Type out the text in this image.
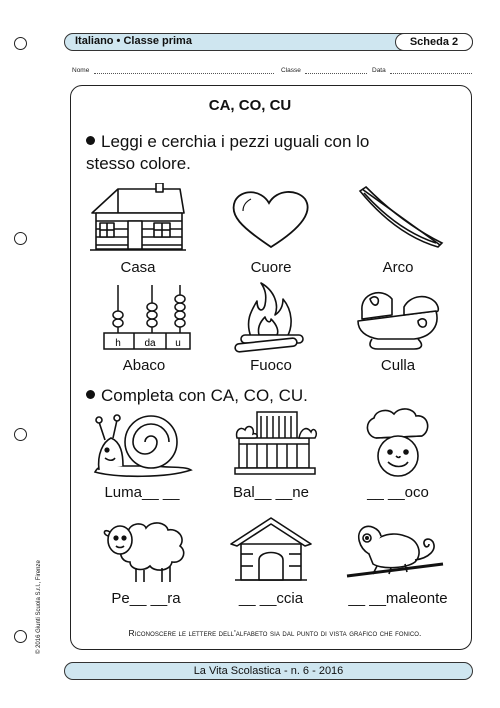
Italiano • Classe prima	Scheda 2
Nome	Classe	Data
CA, CO, CU
Leggi e cerchia i pezzi uguali con lo
stesso colore.
Casa	Cuore	Arco
h da u
Abaco	Fuoco	Culla
Completa con CA, CO, CU.
Luma__ __	Bal__ __ne	__ __oco
Pe__ __ra	__ __ccia	__ __maleonte
Riconoscere le lettere dell'alfabeto sia dal punto di vista grafico che fonico.
© 2016 Giunti Scuola S.r.l., Firenze
La Vita Scolastica - n. 6 - 2016
